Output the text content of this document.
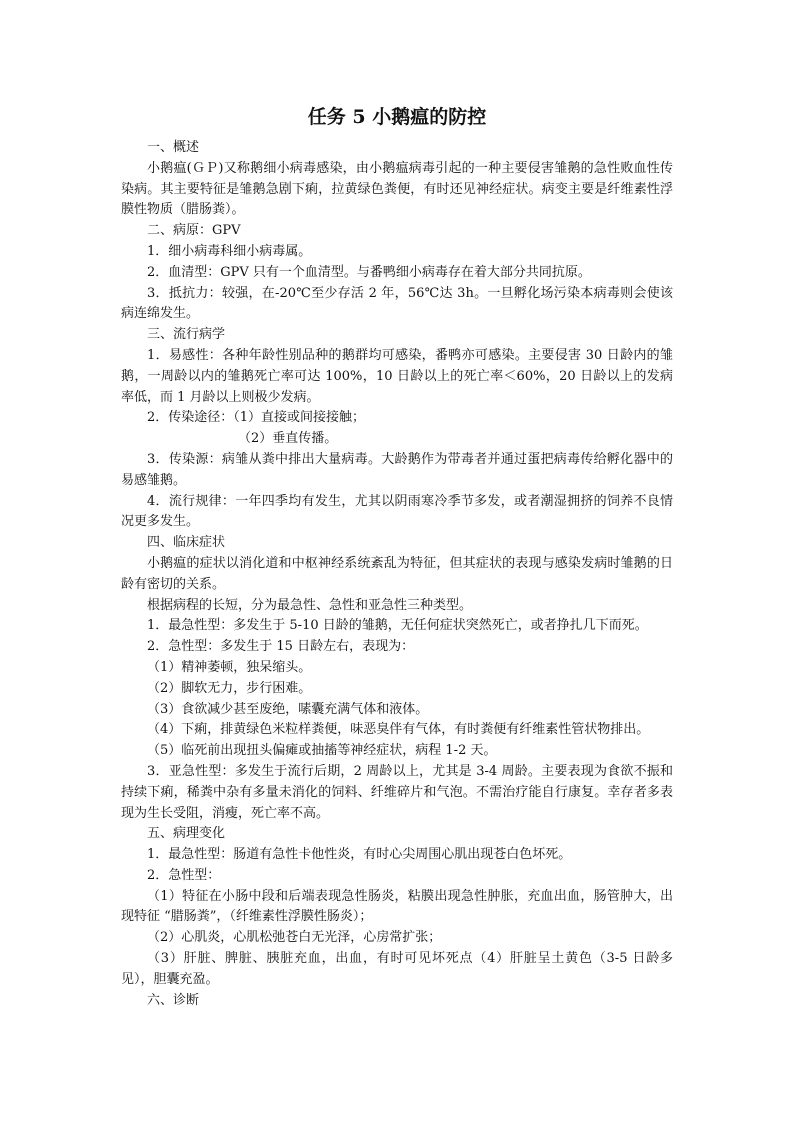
任务 5 小鹅瘟的防控

一、概述

小鹅瘟(ＧＰ)又称鹅细小病毒感染，由小鹅瘟病毒引起的一种主要侵害雏鹅的急性败血性传染病。其主要特征是雏鹅急剧下痢，拉黄绿色粪便，有时还见神经症状。病变主要是纤维素性浮膜性物质（腊肠粪）。

二、病原：GPV

1．细小病毒科细小病毒属。

2．血清型：GPV 只有一个血清型。与番鸭细小病毒存在着大部分共同抗原。

3．抵抗力：较强，在-20℃至少存活 2 年，56℃达 3h。一旦孵化场污染本病毒则会使该病连绵发生。

三、流行病学

1．易感性：各种年龄性别品种的鹅群均可感染，番鸭亦可感染。主要侵害 30 日龄内的雏鹅，一周龄以内的雏鹅死亡率可达 100%，10 日龄以上的死亡率＜60%，20 日龄以上的发病率低，而 1 月龄以上则极少发病。

2．传染途径：（1）直接或间接接触；

（2）垂直传播。

3．传染源：病雏从粪中排出大量病毒。大龄鹅作为带毒者并通过蛋把病毒传给孵化器中的易感雏鹅。

4．流行规律：一年四季均有发生，尤其以阴雨寒冷季节多发，或者潮湿拥挤的饲养不良情况更多发生。

四、临床症状

小鹅瘟的症状以消化道和中枢神经系统紊乱为特征，但其症状的表现与感染发病时雏鹅的日龄有密切的关系。

根据病程的长短，分为最急性、急性和亚急性三种类型。

1．最急性型：多发生于 5-10 日龄的雏鹅，无任何症状突然死亡，或者挣扎几下而死。

2．急性型：多发生于 15 日龄左右，表现为：

（1）精神萎顿，独呆缩头。

（2）脚软无力，步行困难。

（3）食欲减少甚至废绝，嗉囊充满气体和液体。

（4）下痢，排黄绿色米粒样粪便，味恶臭伴有气体，有时粪便有纤维素性管状物排出。

（5）临死前出现扭头偏瘫或抽搐等神经症状，病程 1-2 天。

3．亚急性型：多发生于流行后期，2 周龄以上，尤其是 3-4 周龄。主要表现为食欲不振和持续下痢，稀粪中杂有多量未消化的饲料、纤维碎片和气泡。不需治疗能自行康复。幸存者多表现为生长受阻，消瘦，死亡率不高。

五、病理变化

1．最急性型：肠道有急性卡他性炎，有时心尖周围心肌出现苍白色坏死。

2．急性型：

（1）特征在小肠中段和后端表现急性肠炎，粘膜出现急性肿胀，充血出血，肠管肿大，出现特征 “腊肠粪”，（纤维素性浮膜性肠炎）；

（2）心肌炎，心肌松弛苍白无光泽，心房常扩张；

（3）肝脏、脾脏、胰脏充血，出血，有时可见坏死点（4）肝脏呈土黄色（3-5 日龄多见），胆囊充盈。

六、诊断
